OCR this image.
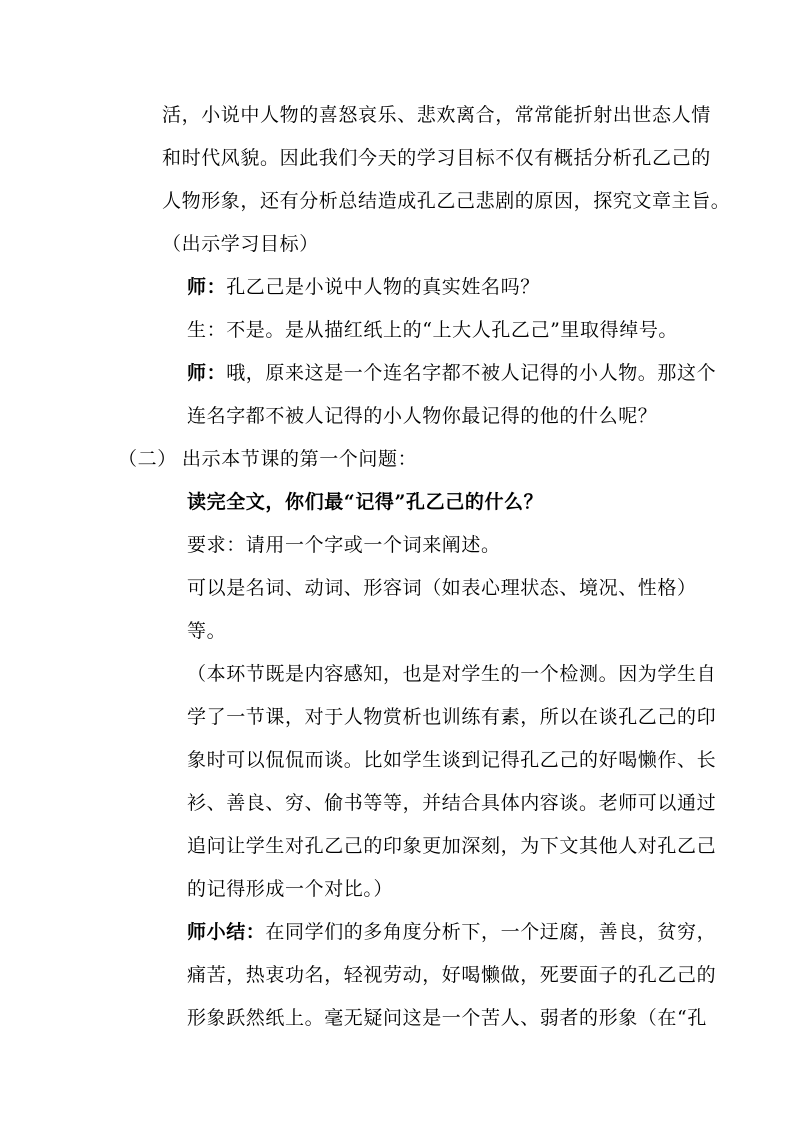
活，小说中人物的喜怒哀乐、悲欢离合，常常能折射出世态人情
和时代风貌。因此我们今天的学习目标不仅有概括分析孔乙己的
人物形象，还有分析总结造成孔乙己悲剧的原因，探究文章主旨。
（出示学习目标）
师：孔乙己是小说中人物的真实姓名吗？
生：不是。是从描红纸上的“上大人孔乙己”里取得绰号。
师：哦，原来这是一个连名字都不被人记得的小人物。那这个
连名字都不被人记得的小人物你最记得的他的什么呢？
（二） 出示本节课的第一个问题：
读完全文，你们最“记得”孔乙己的什么？
要求：请用一个字或一个词来阐述。
可以是名词、动词、形容词（如表心理状态、境况、性格）
等。
（本环节既是内容感知，也是对学生的一个检测。因为学生自
学了一节课，对于人物赏析也训练有素，所以在谈孔乙己的印
象时可以侃侃而谈。比如学生谈到记得孔乙己的好喝懒作、长
衫、善良、穷、偷书等等，并结合具体内容谈。老师可以通过
追问让学生对孔乙己的印象更加深刻，为下文其他人对孔乙己
的记得形成一个对比。）
师小结：在同学们的多角度分析下，一个迂腐，善良，贫穷，
痛苦，热衷功名，轻视劳动，好喝懒做，死要面子的孔乙己的
形象跃然纸上。毫无疑问这是一个苦人、弱者的形象（在“孔
